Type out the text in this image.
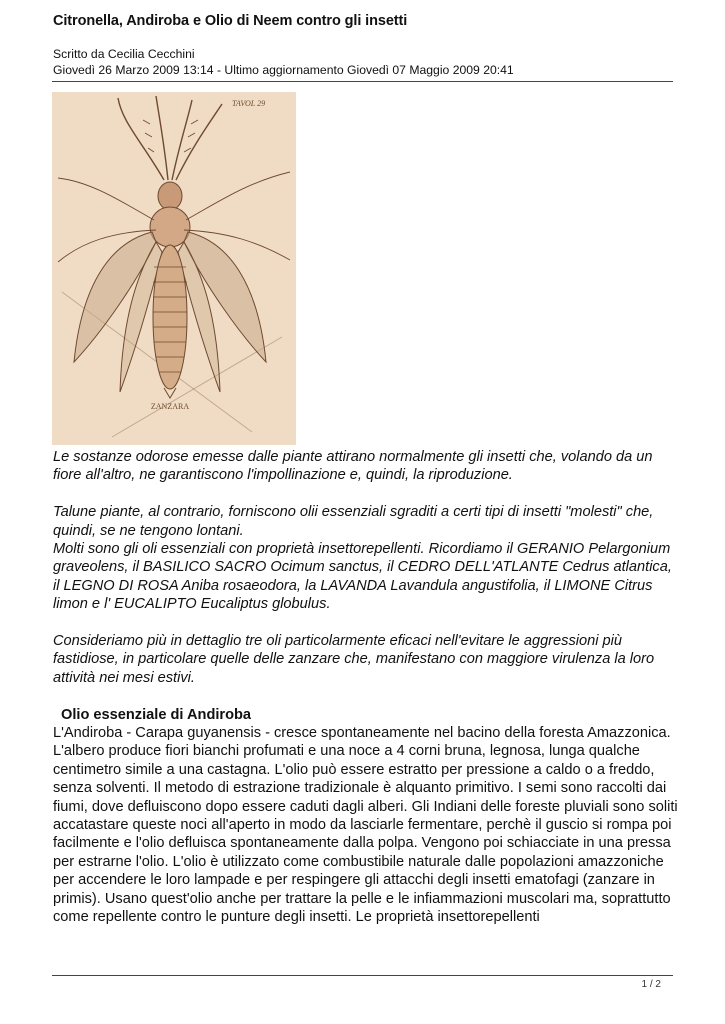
Citronella, Andiroba e Olio di Neem contro gli insetti
Scritto da Cecilia Cecchini
Giovedì 26 Marzo 2009 13:14 - Ultimo aggiornamento Giovedì 07 Maggio 2009 20:41
TAVOL 29
ZANZARA

Le sostanze odorose emesse dalle piante attirano normalmente gli insetti che, volando da un fiore all'altro, ne garantiscono l'impollinazione e, quindi, la riproduzione.

Talune piante, al contrario, forniscono olii essenziali sgraditi a certi tipi di insetti "molesti" che, quindi, se ne tengono lontani.

Molti sono gli oli essenziali con proprietà insettorepellenti. Ricordiamo il GERANIO Pelargonium graveolens, il BASILICO SACRO Ocimum sanctus, il CEDRO DELL'ATLANTE Cedrus atlantica, il LEGNO DI ROSA Aniba rosaeodora, la LAVANDA Lavandula angustifolia, il LIMONE Citrus limon e l' EUCALIPTO Eucaliptus globulus.

Consideriamo più in dettaglio tre oli particolarmente eficaci nell'evitare le aggressioni più fastidiose, in particolare quelle delle zanzare che, manifestano con maggiore virulenza la loro attività nei mesi estivi.

Olio essenziale di Andiroba

L'Andiroba - Carapa guyanensis - cresce spontaneamente nel bacino della foresta Amazzonica. L'albero produce fiori bianchi profumati e una noce a 4 corni bruna, legnosa, lunga qualche centimetro simile a una castagna. L'olio può essere estratto per pressione a caldo o a freddo, senza solventi. Il metodo di estrazione tradizionale è alquanto primitivo. I semi sono raccolti dai fiumi, dove defluiscono dopo essere caduti dagli alberi. Gli Indiani delle foreste pluviali sono soliti accatastare queste noci all'aperto in modo da lasciarle fermentare, perchè il guscio si rompa poi facilmente e l'olio defluisca spontaneamente dalla polpa. Vengono poi schiacciate in una pressa per estrarne l'olio. L'olio è utilizzato come combustibile naturale dalle popolazioni amazzoniche per accendere le loro lampade e per respingere gli attacchi degli insetti ematofagi (zanzare in primis). Usano quest'olio anche per trattare la pelle e le infiammazioni muscolari ma, soprattutto come repellente contro le punture degli insetti. Le proprietà insettorepellenti

1 / 2
